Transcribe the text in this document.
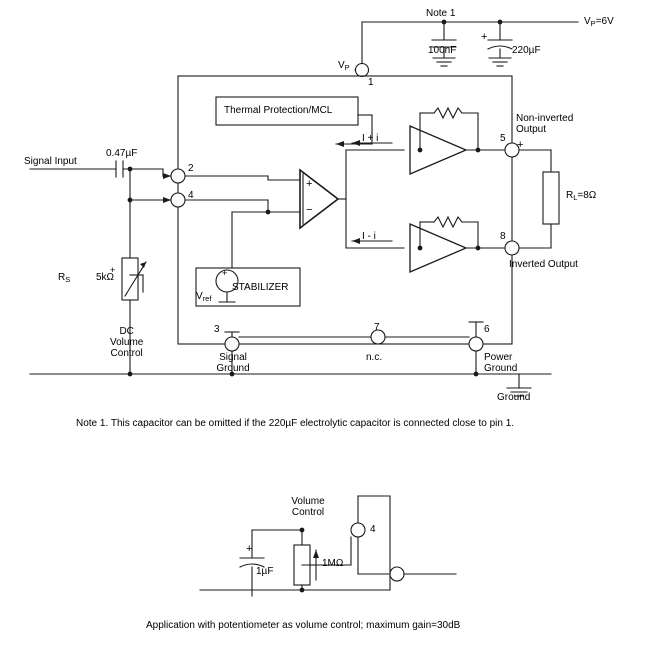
Note 1
100nF	220µF
+
$V_P=6V$
$V_P$
1
Thermal Protection/MCL
STABILIZER
+
$V_{ref}$
Signal Input
0.47µF
2
4
$R_S$	5kΩ
+
DC
Volume
Control
+
−
I + i
I - i
5
8
+
Non-inverted
Output
Inverted Output
$R_L=8\Omega$
3
Signal
Ground
7
n.c.
6
Power
Ground
Ground
Note 1. This capacitor can be omitted if the 220µF electrolytic capacitor is connected close to pin 1.
Volume
Control
4
+
1µF
1MΩ
Application with potentiometer as volume control; maximum gain=30dB
